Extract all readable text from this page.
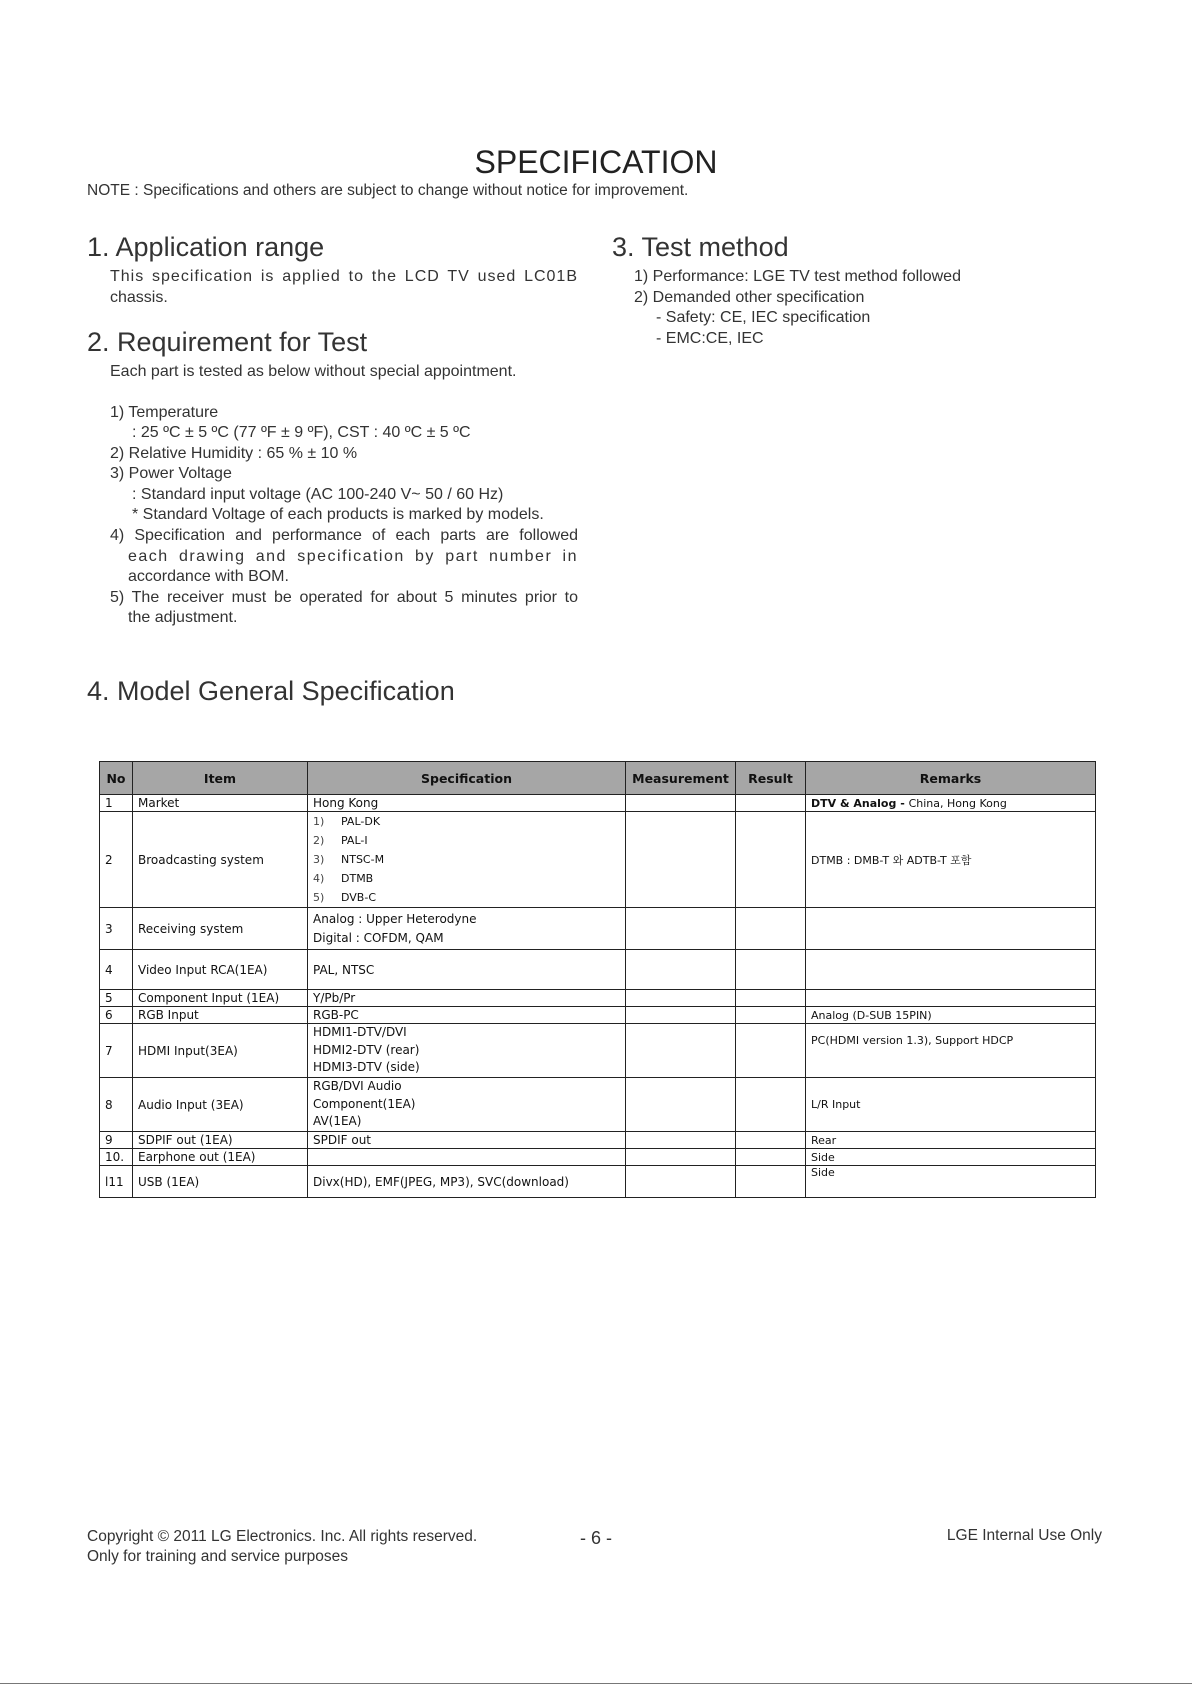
SPECIFICATION
NOTE : Specifications and others are subject to change without notice for improvement.
1. Application range
This specification is applied to the LCD TV used LC01B
chassis.
2. Requirement for Test
Each part is tested as below without special appointment.
1) Temperature
: 25 ºC ± 5 ºC (77 ºF ± 9 ºF), CST : 40 ºC ± 5 ºC
2) Relative Humidity : 65 % ± 10 %
3) Power Voltage
: Standard input voltage (AC 100-240 V~ 50 / 60 Hz)
* Standard Voltage of each products is marked by models.
4) Specification and performance of each parts are followed
each drawing and specification by part number in
accordance with BOM.
5) The receiver must be operated for about 5 minutes prior to
the adjustment.
3. Test method
1) Performance: LGE TV test method followed
2) Demanded other specification
- Safety: CE, IEC specification
- EMC:CE, IEC
4. Model General Specification
No	Item	Specification	Measurement	Result	Remarks
1	Market	Hong Kong			DTV & Analog - China, Hong Kong
2	Broadcasting system	1) PAL-DK
2) PAL-I
3) NTSC-M
4) DTMB
5) DVB-C			DTMB : DMB-T 와 ADTB-T 포함
3	Receiving system	Analog : Upper Heterodyne
Digital : COFDM, QAM			

4	Video Input RCA(1EA)	PAL, NTSC			
5	Component Input (1EA)	Y/Pb/Pr			
6	RGB Input	RGB-PC			Analog (D-SUB 15PIN)
7	HDMI Input(3EA)	HDMI1-DTV/DVI
HDMI2-DTV (rear)
HDMI3-DTV (side)			PC(HDMI version 1.3), Support HDCP
8	Audio Input (3EA)	RGB/DVI Audio
Component(1EA)
AV(1EA)			L/R Input
9	SDPIF out (1EA)	SPDIF out			Rear
10.	Earphone out (1EA)				Side
l11	USB (1EA)	Divx(HD), EMF(JPEG, MP3), SVC(download)			Side
Copyright © 2011 LG Electronics. Inc. All rights reserved.
Only for training and service purposes
- 6 -	LGE Internal Use Only
